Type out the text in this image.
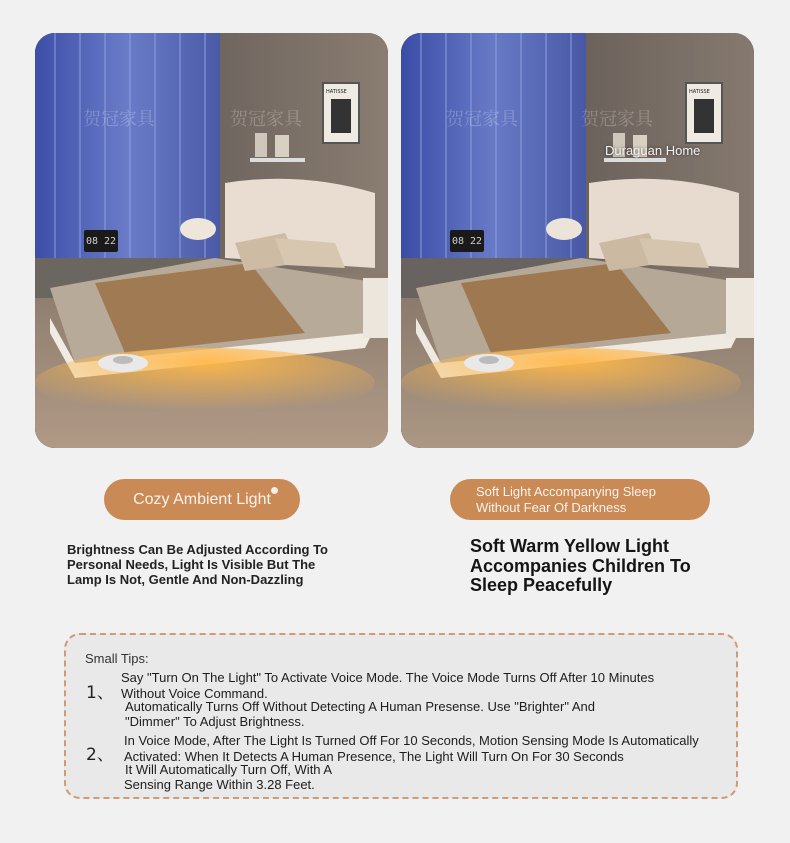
贺冠家具	贺冠家具
HATISSE
08 22
贺冠家具	贺冠家具
HATISSE
Duraguan Home
08 22
Cozy Ambient Light
Brightness Can Be Adjusted According To
Personal Needs, Light Is Visible But The
Lamp Is Not, Gentle And Non-Dazzling
Soft Light Accompanying Sleep
Without Fear Of Darkness
Soft Warm Yellow Light
Accompanies Children To
Sleep Peacefully
Small Tips:
1、
Say "Turn On The Light" To Activate Voice Mode. The Voice Mode Turns Off After 10 Minutes
Without Voice Command.
Automatically Turns Off Without Detecting A Human Presense. Use "Brighter" And
"Dimmer" To Adjust Brightness.
2、
In Voice Mode, After The Light Is Turned Off For 10 Seconds, Motion Sensing Mode Is Automatically
Activated: When It Detects A Human Presence, The Light Will Turn On For 30 Seconds
It Will Automatically Turn Off, With A
Sensing Range Within 3.28 Feet.
